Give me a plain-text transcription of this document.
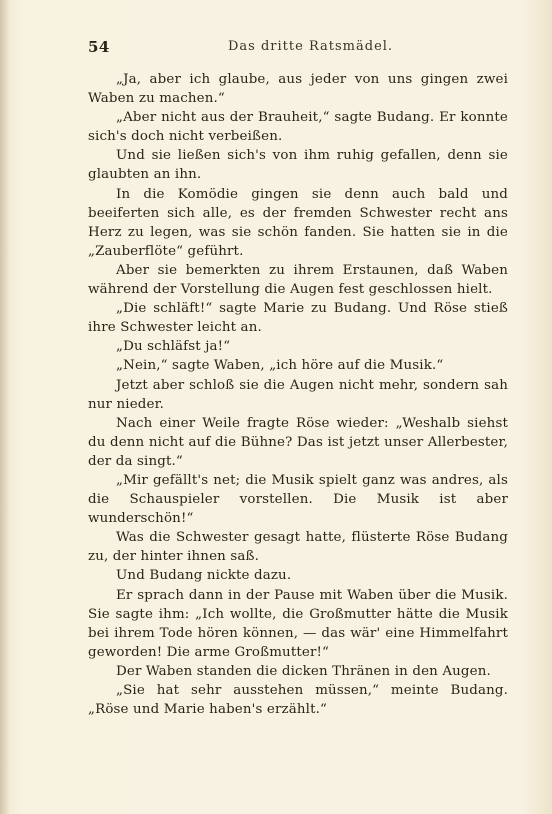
54	Das dritte Ratsmädel.

„Ja, aber ich glaube, aus jeder von uns gingen zwei Waben zu machen.“

„Aber nicht aus der Brauheit,“ sagte Budang. Er konnte sich's doch nicht verbeißen.

Und sie ließen sich's von ihm ruhig gefallen, denn sie glaubten an ihn.

In die Komödie gingen sie denn auch bald und beeiferten sich alle, es der fremden Schwester recht ans Herz zu legen, was sie schön fanden. Sie hatten sie in die „Zauberflöte“ geführt.

Aber sie bemerkten zu ihrem Erstaunen, daß Waben während der Vorstellung die Augen fest geschlossen hielt.

„Die schläft!“ sagte Marie zu Budang. Und Röse stieß ihre Schwester leicht an.

„Du schläfst ja!“

„Nein,“ sagte Waben, „ich höre auf die Musik.“

Jetzt aber schloß sie die Augen nicht mehr, sondern sah nur nieder.

Nach einer Weile fragte Röse wieder: „Weshalb siehst du denn nicht auf die Bühne? Das ist jetzt unser Allerbester, der da singt.“

„Mir gefällt's net; die Musik spielt ganz was andres, als die Schauspieler vorstellen. Die Musik ist aber wunderschön!“

Was die Schwester gesagt hatte, flüsterte Röse Budang zu, der hinter ihnen saß.

Und Budang nickte dazu.

Er sprach dann in der Pause mit Waben über die Musik. Sie sagte ihm: „Ich wollte, die Großmutter hätte die Musik bei ihrem Tode hören können, — das wär' eine Himmelfahrt geworden! Die arme Großmutter!“

Der Waben standen die dicken Thränen in den Augen.

„Sie hat sehr ausstehen müssen,“ meinte Budang. „Röse und Marie haben's erzählt.“
